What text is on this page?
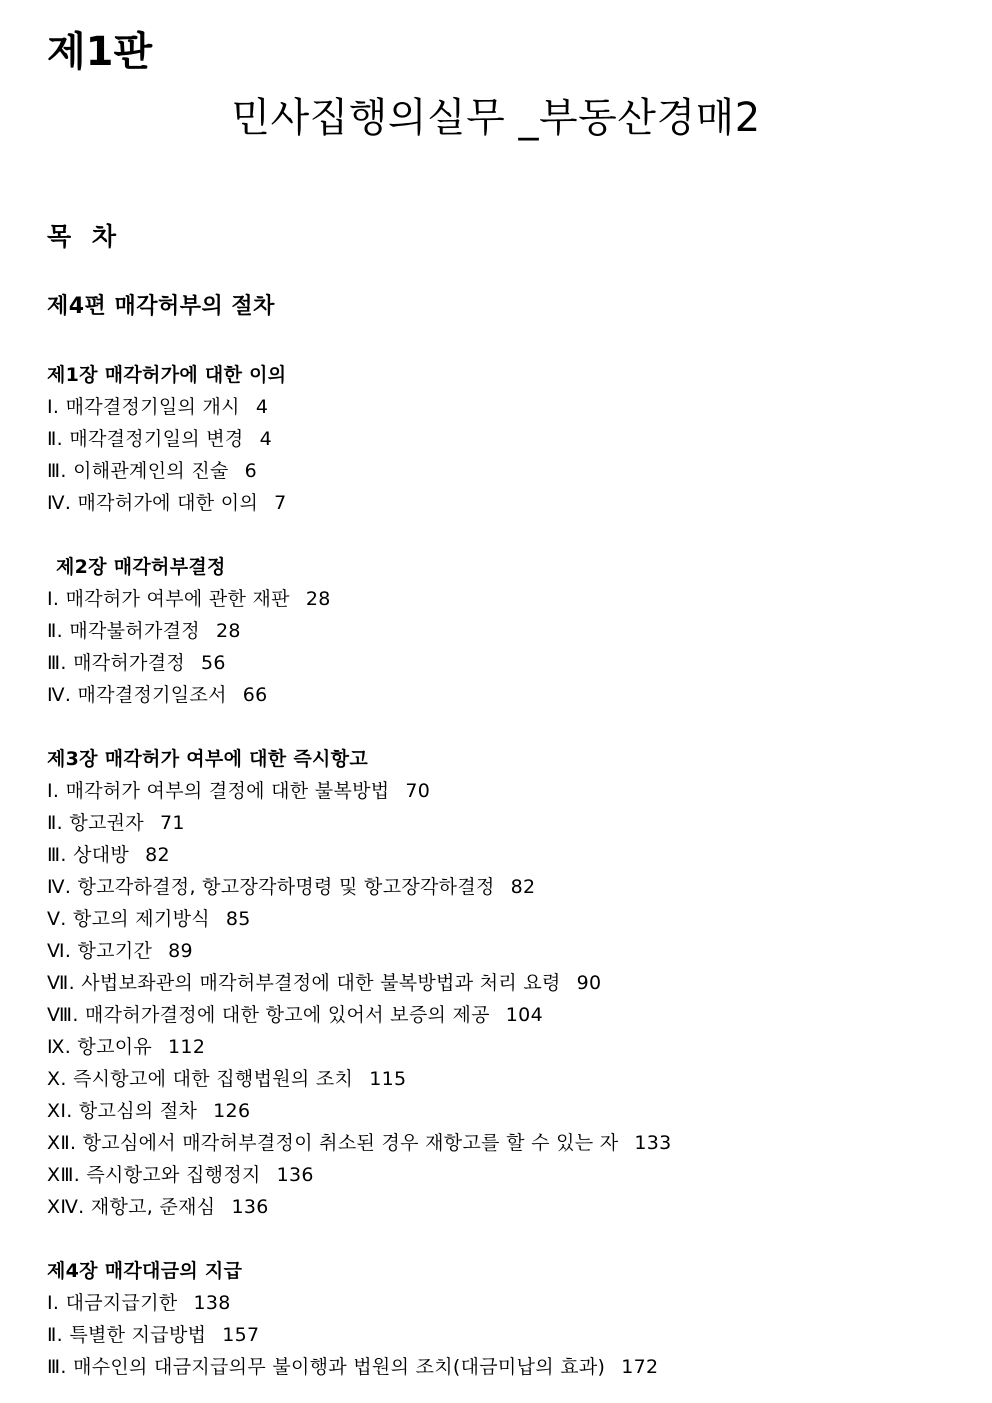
제1판
민사집행의실무 _부동산경매2
목 차
제4편 매각허부의 절차
제1장 매각허가에 대한 이의
Ⅰ. 매각결정기일의 개시 4
Ⅱ. 매각결정기일의 변경 4
Ⅲ. 이해관계인의 진술 6
Ⅳ. 매각허가에 대한 이의 7
제2장 매각허부결정
Ⅰ. 매각허가 여부에 관한 재판 28
Ⅱ. 매각불허가결정 28
Ⅲ. 매각허가결정 56
Ⅳ. 매각결정기일조서 66
제3장 매각허가 여부에 대한 즉시항고
Ⅰ. 매각허가 여부의 결정에 대한 불복방법 70
Ⅱ. 항고권자 71
Ⅲ. 상대방 82
Ⅳ. 항고각하결정, 항고장각하명령 및 항고장각하결정 82
Ⅴ. 항고의 제기방식 85
Ⅵ. 항고기간 89
Ⅶ. 사법보좌관의 매각허부결정에 대한 불복방법과 처리 요령 90
Ⅷ. 매각허가결정에 대한 항고에 있어서 보증의 제공 104
Ⅸ. 항고이유 112
X. 즉시항고에 대한 집행법원의 조치 115
XI. 항고심의 절차 126
ⅩⅡ. 항고심에서 매각허부결정이 취소된 경우 재항고를 할 수 있는 자 133
ⅩⅢ. 즉시항고와 집행정지 136
ⅩⅣ. 재항고, 준재심 136
제4장 매각대금의 지급
Ⅰ. 대금지급기한 138
Ⅱ. 특별한 지급방법 157
Ⅲ. 매수인의 대금지급의무 불이행과 법원의 조치(대금미납의 효과) 172
